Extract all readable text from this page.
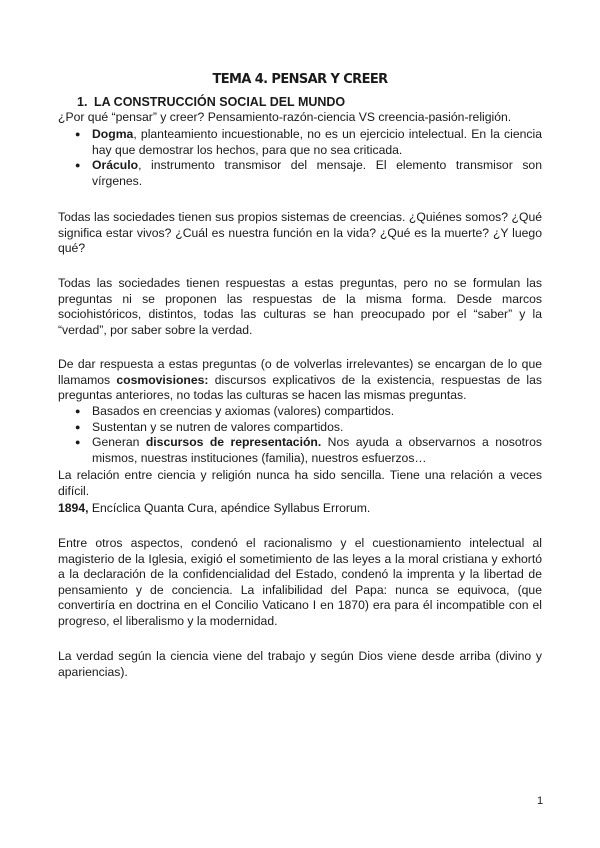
TEMA 4. PENSAR Y CREER
1. LA CONSTRUCCIÓN SOCIAL DEL MUNDO

¿Por qué “pensar” y creer? Pensamiento-razón-ciencia VS creencia-pasión-religión.

● Dogma, planteamiento incuestionable, no es un ejercicio intelectual. En la ciencia hay que demostrar los hechos, para que no sea criticada.
● Oráculo, instrumento transmisor del mensaje. El elemento transmisor son vírgenes.

Todas las sociedades tienen sus propios sistemas de creencias. ¿Quiénes somos? ¿Qué significa estar vivos? ¿Cuál es nuestra función en la vida? ¿Qué es la muerte? ¿Y luego qué?

Todas las sociedades tienen respuestas a estas preguntas, pero no se formulan las preguntas ni se proponen las respuestas de la misma forma. Desde marcos sociohistóricos, distintos, todas las culturas se han preocupado por el “saber” y la “verdad”, por saber sobre la verdad.

De dar respuesta a estas preguntas (o de volverlas irrelevantes) se encargan de lo que llamamos cosmovisiones: discursos explicativos de la existencia, respuestas de las preguntas anteriores, no todas las culturas se hacen las mismas preguntas.

● Basados en creencias y axiomas (valores) compartidos.
● Sustentan y se nutren de valores compartidos.
● Generan discursos de representación. Nos ayuda a observarnos a nosotros mismos, nuestras instituciones (familia), nuestros esfuerzos…

La relación entre ciencia y religión nunca ha sido sencilla. Tiene una relación a veces difícil.

1894, Encíclica Quanta Cura, apéndice Syllabus Errorum.

Entre otros aspectos, condenó el racionalismo y el cuestionamiento intelectual al magisterio de la Iglesia, exigió el sometimiento de las leyes a la moral cristiana y exhortó a la declaración de la confidencialidad del Estado, condenó la imprenta y la libertad de pensamiento y de conciencia. La infalibilidad del Papa: nunca se equivoca, (que convertiría en doctrina en el Concilio Vaticano I en 1870) era para él incompatible con el progreso, el liberalismo y la modernidad.

La verdad según la ciencia viene del trabajo y según Dios viene desde arriba (divino y apariencias).

1
